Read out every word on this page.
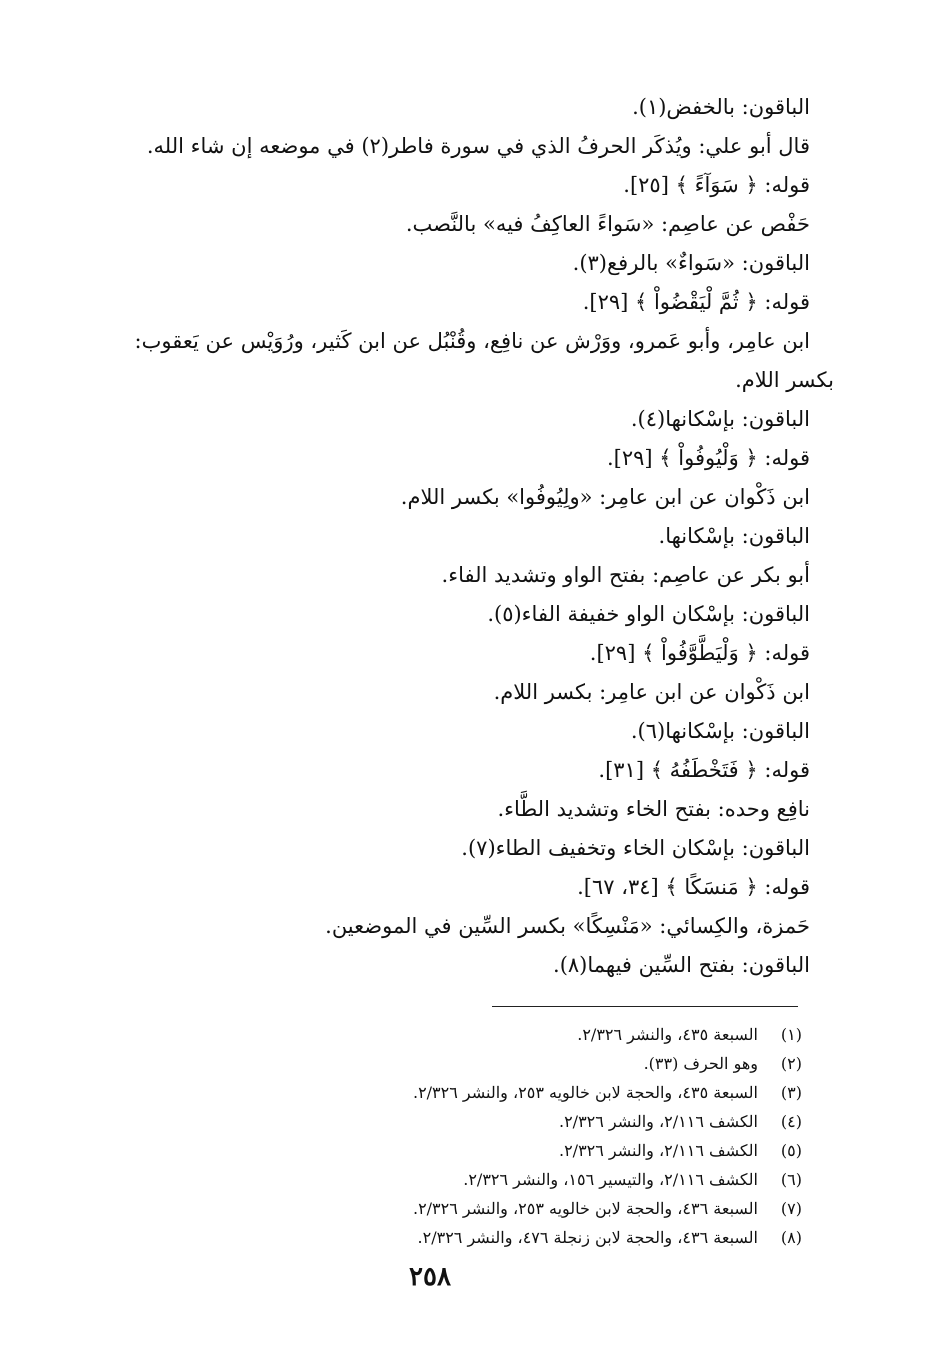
الباقون: بالخفض(١).
قال أبو علي: ويُذكَر الحرفُ الذي في سورة فاطر(٢) في موضعه إن شاء الله.
قوله: ﴿ سَوَآءً ﴾ [٢٥].
حَفْص عن عاصِم: «سَواءً العاكِفُ فيه» بالنَّصب.
الباقون: «سَواءٌ» بالرفع(٣).
قوله: ﴿ ثُمَّ لْيَقْضُواْ ﴾ [٢٩].
ابن عامِر، وأبو عَمرو، ووَرْش عن نافِع، وقُنْبُل عن ابن كَثير، ورُوَيْس عن يَعقوب:
بكسر اللام.
الباقون: بإسْكانها(٤).
قوله: ﴿ وَلْيُوفُواْ ﴾ [٢٩].
ابن ذَكْوان عن ابن عامِر: «ولِيُوفُوا» بكسر اللام.
الباقون: بإسْكانها.
أبو بكر عن عاصِم: بفتح الواو وتشديد الفاء.
الباقون: بإسْكان الواو خفيفة الفاء(٥).
قوله: ﴿ وَلْيَطَّوَّفُواْ ﴾ [٢٩].
ابن ذَكْوان عن ابن عامِر: بكسر اللام.
الباقون: بإسْكانها(٦).
قوله: ﴿ فَتَخْطَفُهُ ﴾ [٣١].
نافِع وحده: بفتح الخاء وتشديد الطَّاء.
الباقون: بإسْكان الخاء وتخفيف الطاء(٧).
قوله: ﴿ مَنسَكًا ﴾ [٣٤، ٦٧].
حَمزة، والكِسائي: «مَنْسِكًا» بكسر السِّين في الموضعين.
الباقون: بفتح السِّين فيهما(٨).
(١)
السبعة ٤٣٥، والنشر ٢/٣٢٦.
(٢)
وهو الحرف (٣٣).
(٣)
السبعة ٤٣٥، والحجة لابن خالويه ٢٥٣، والنشر ٢/٣٢٦.
(٤)
الكشف ٢/١١٦، والنشر ٢/٣٢٦.
(٥)
الكشف ٢/١١٦، والنشر ٢/٣٢٦.
(٦)
الكشف ٢/١١٦، والتيسير ١٥٦، والنشر ٢/٣٢٦.
(٧)
السبعة ٤٣٦، والحجة لابن خالويه ٢٥٣، والنشر ٢/٣٢٦.
(٨)
السبعة ٤٣٦، والحجة لابن زنجلة ٤٧٦، والنشر ٢/٣٢٦.
٢٥٨
